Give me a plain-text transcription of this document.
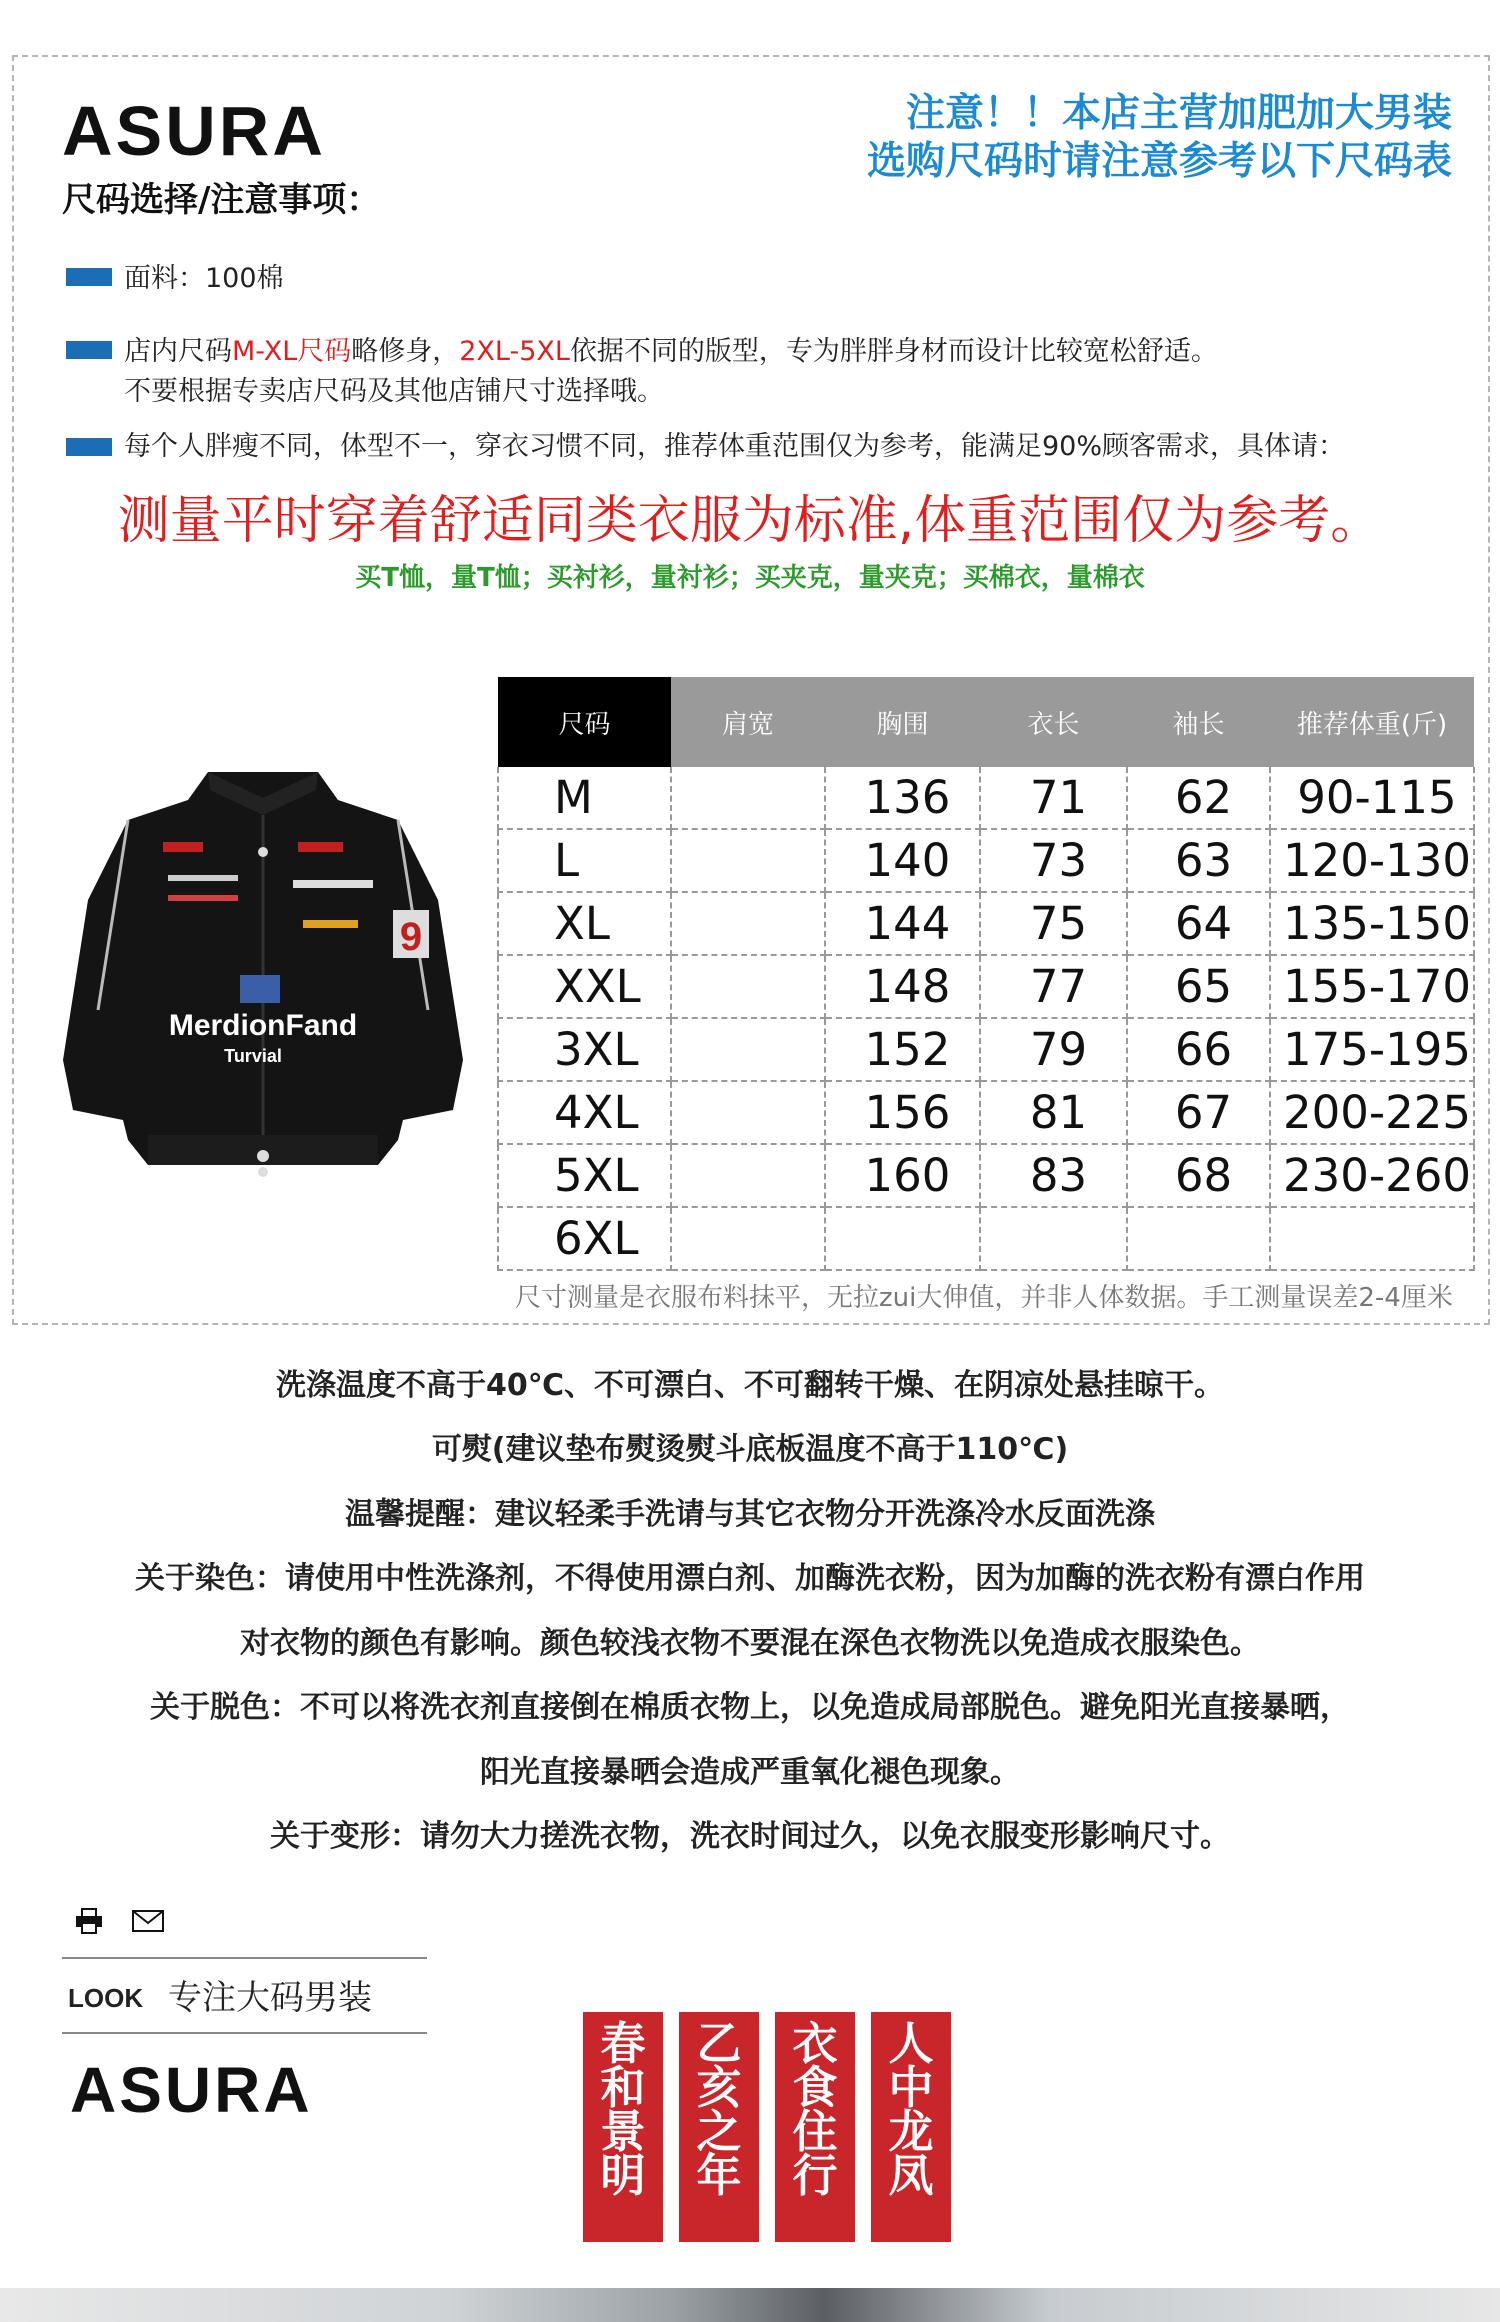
ASURA
尺码选择/注意事项：
注意！！本店主营加肥加大男装
选购尺码时请注意参考以下尺码表
面料：100棉
店内尺码M-XL尺码略修身，2XL-5XL依据不同的版型，专为胖胖身材而设计比较宽松舒适。
不要根据专卖店尺码及其他店铺尺寸选择哦。
每个人胖瘦不同，体型不一，穿衣习惯不同，推荐体重范围仅为参考，能满足90%顾客需求，具体请：
测量平时穿着舒适同类衣服为标准,体重范围仅为参考。
买T恤，量T恤；买衬衫，量衬衫；买夹克，量夹克；买棉衣，量棉衣
MerdionFand
Turvial
9
尺码	肩宽	胸围	衣长	袖长	推荐体重(斤)
M		136	71	62	90-115
L		140	73	63	120-130
XL		144	75	64	135-150
XXL		148	77	65	155-170
3XL		152	79	66	175-195
4XL		156	81	67	200-225
5XL		160	83	68	230-260
6XL					
尺寸测量是衣服布料抹平，无拉zui大伸值，并非人体数据。手工测量误差2-4厘米
洗涤温度不高于40℃、不可漂白、不可翻转干燥、在阴凉处悬挂晾干。
可熨(建议垫布熨烫熨斗底板温度不高于110℃)
温馨提醒：建议轻柔手洗请与其它衣物分开洗涤冷水反面洗涤
关于染色：请使用中性洗涤剂，不得使用漂白剂、加酶洗衣粉，因为加酶的洗衣粉有漂白作用
对衣物的颜色有影响。颜色较浅衣物不要混在深色衣物洗以免造成衣服染色。
关于脱色：不可以将洗衣剂直接倒在棉质衣物上，以免造成局部脱色。避免阳光直接暴晒，
阳光直接暴晒会造成严重氧化褪色现象。
关于变形：请勿大力搓洗衣物，洗衣时间过久，以免衣服变形影响尺寸。
LOOK 专注大码男装
ASURA
春和景明
乙亥之年
衣食住行
人中龙凤
